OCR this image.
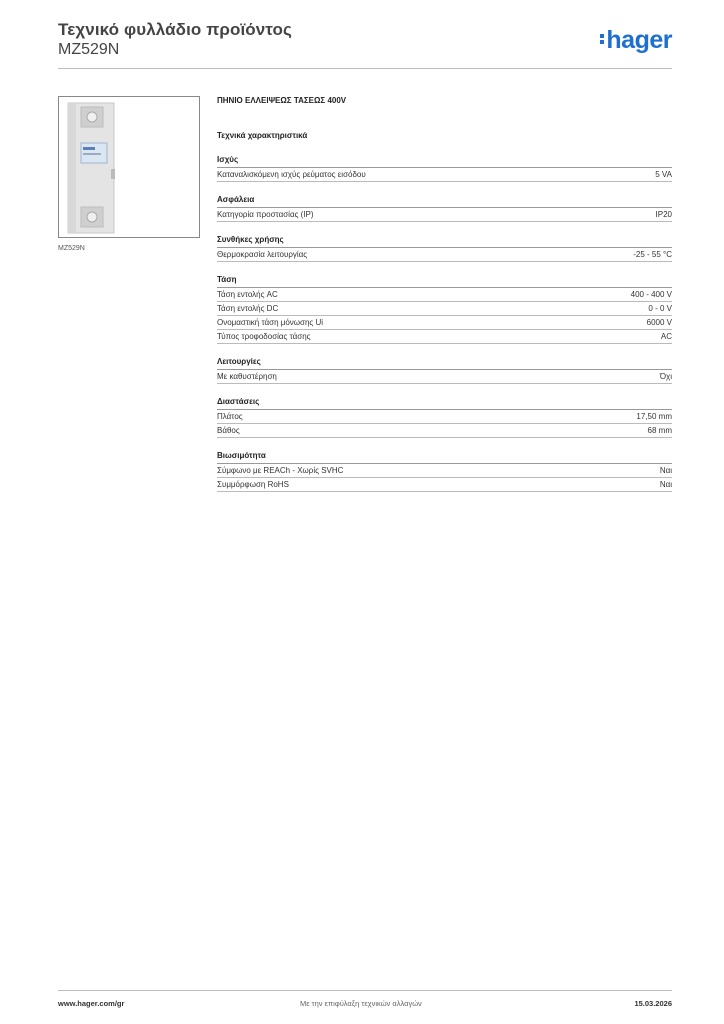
Τεχνικό φυλλάδιο προϊόντος
MZ529N	hager
MZ529N
ΠΗΝΙΟ ΕΛΛΕΙΨΕΩΣ ΤΑΣΕΩΣ 400V
Τεχνικά χαρακτηριστικά
Ισχύς
Καταναλισκόμενη ισχύς ρεύματος εισόδου	5 VA
Ασφάλεια
Κατηγορία προστασίας (IP)	IP20
Συνθήκες χρήσης
Θερμοκρασία λειτουργίας	-25 - 55 °C
Τάση
Τάση εντολής AC	400 - 400 V
Τάση εντολής DC	0 - 0 V
Ονομαστική τάση μόνωσης Ui	6000 V
Τύπος τροφοδοσίας τάσης	AC
Λειτουργίες
Με καθυστέρηση	Όχι
Διαστάσεις
Πλάτος	17,50 mm
Βάθος	68 mm
Βιωσιμότητα
Σύμφωνο με REACh - Χωρίς SVHC	Ναι
Συμμόρφωση RoHS	Ναι
www.hager.com/gr	Με την επιφύλαξη τεχνικών αλλαγών	15.03.2026
